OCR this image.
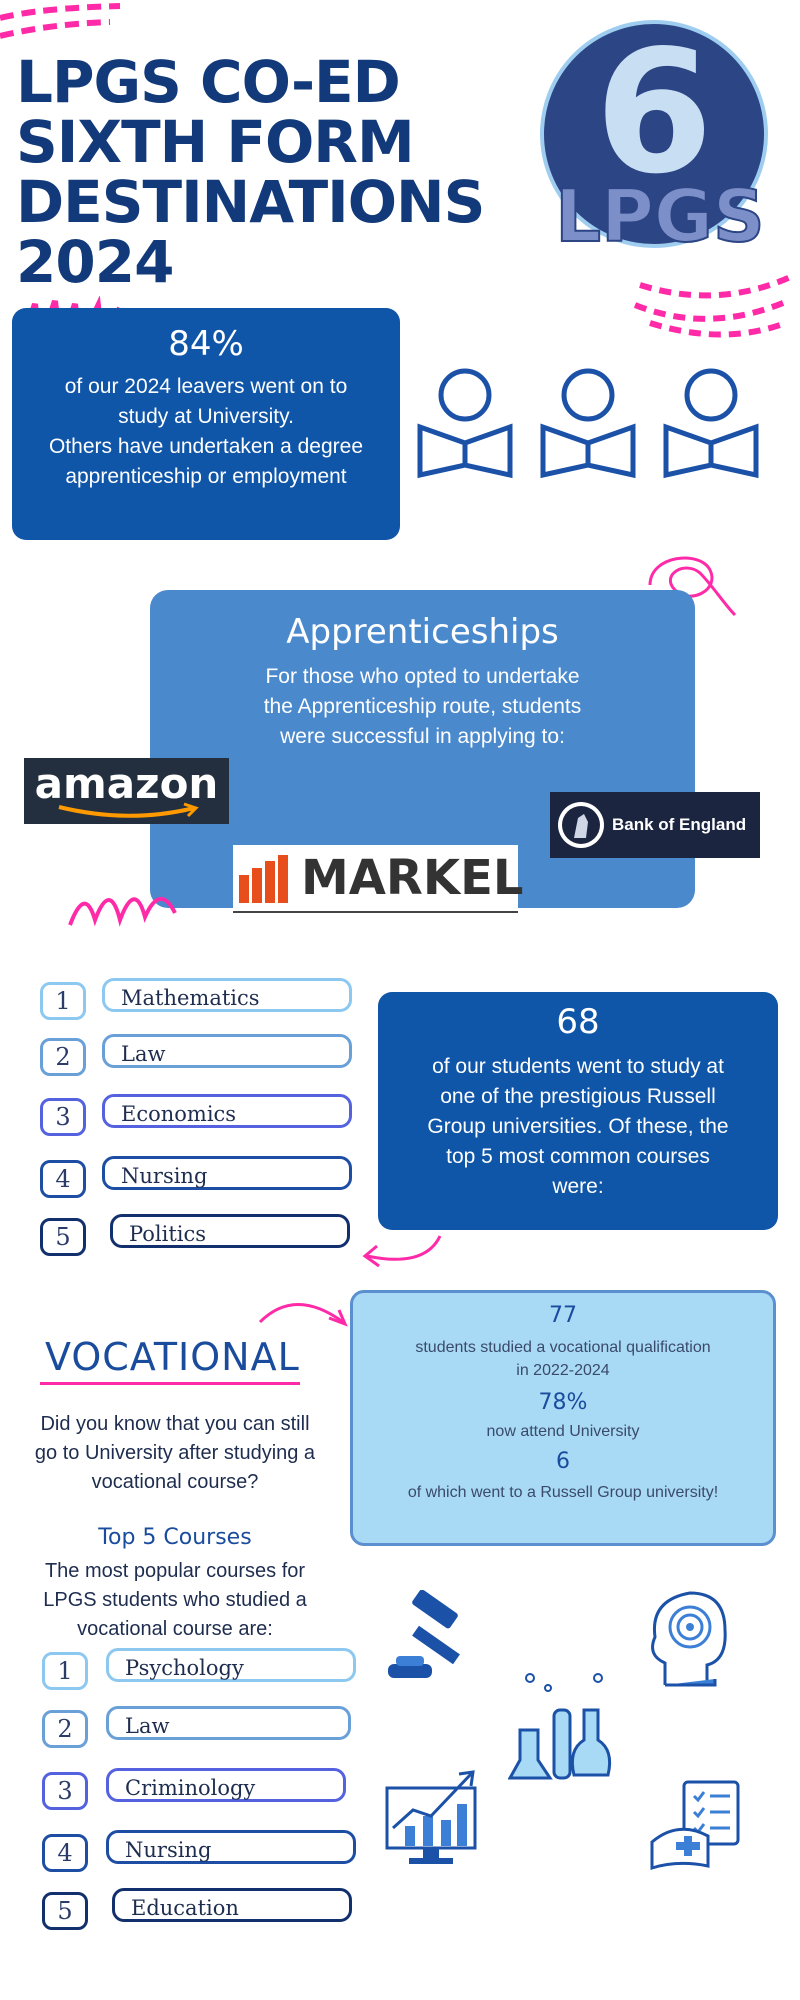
LPGS CO-ED
SIXTH FORM
DESTINATIONS
2024
6
LPGS
84%
of our 2024 leavers went on to
study at University.
Others have undertaken a degree
apprenticeship or employment
Apprenticeships
For those who opted to undertake
the Apprenticeship route, students
were successful in applying to:
amazon
Bank of England
MARKEL
1	Mathematics
2	Law
3	Economics
4	Nursing
5	Politics
68
of our students went to study at
one of the prestigious Russell
Group universities. Of these, the
top 5 most common courses
were:
VOCATIONAL
Did you know that you can still
go to University after studying a
vocational course?
77
students studied a vocational qualification
in 2022-2024
78%
now attend University
6
of which went to a Russell Group university!
Top 5 Courses
The most popular courses for
LPGS students who studied a
vocational course are:
1	Psychology
2	Law
3	Criminology
4	Nursing
5	Education
